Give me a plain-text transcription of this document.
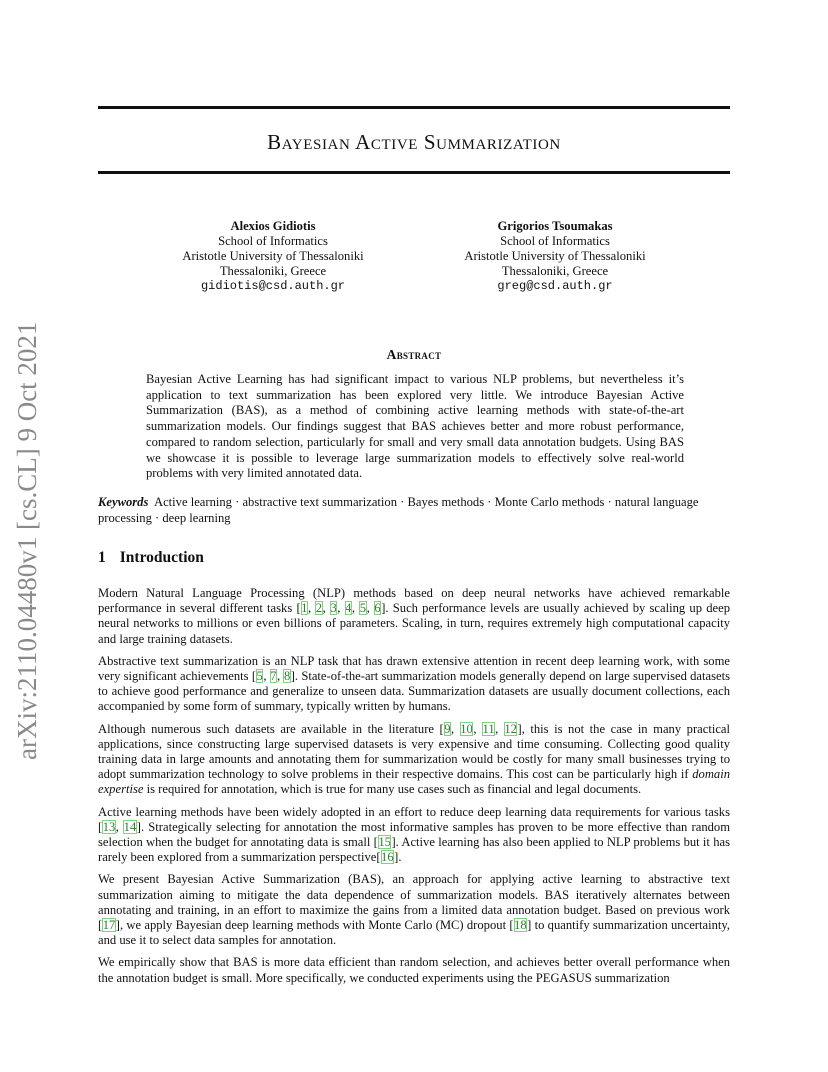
arXiv:2110.04480v1 [cs.CL] 9 Oct 2021
Bayesian Active Summarization
Alexios Gidiotis
School of Informatics
Aristotle University of Thessaloniki
Thessaloniki, Greece
gidiotis@csd.auth.gr
Grigorios Tsoumakas
School of Informatics
Aristotle University of Thessaloniki
Thessaloniki, Greece
greg@csd.auth.gr
Abstract
Bayesian Active Learning has had significant impact to various NLP problems, but nevertheless it’s application to text summarization has been explored very little. We introduce Bayesian Active Summarization (BAS), as a method of combining active learning methods with state-of-the-art summarization models. Our findings suggest that BAS achieves better and more robust performance, compared to random selection, particularly for small and very small data annotation budgets. Using BAS we showcase it is possible to leverage large summarization models to effectively solve real-world problems with very limited annotated data.
Keywords Active learning · abstractive text summarization · Bayes methods · Monte Carlo methods · natural language processing · deep learning
1 Introduction

Modern Natural Language Processing (NLP) methods based on deep neural networks have achieved remarkable performance in several different tasks [1, 2, 3, 4, 5, 6]. Such performance levels are usually achieved by scaling up deep neural networks to millions or even billions of parameters. Scaling, in turn, requires extremely high computational capacity and large training datasets.

Abstractive text summarization is an NLP task that has drawn extensive attention in recent deep learning work, with some very significant achievements [5, 7, 8]. State-of-the-art summarization models generally depend on large supervised datasets to achieve good performance and generalize to unseen data. Summarization datasets are usually document collections, each accompanied by some form of summary, typically written by humans.

Although numerous such datasets are available in the literature [9, 10, 11, 12], this is not the case in many practical applications, since constructing large supervised datasets is very expensive and time consuming. Collecting good quality training data in large amounts and annotating them for summarization would be costly for many small businesses trying to adopt summarization technology to solve problems in their respective domains. This cost can be particularly high if domain expertise is required for annotation, which is true for many use cases such as financial and legal documents.

Active learning methods have been widely adopted in an effort to reduce deep learning data requirements for various tasks [13, 14]. Strategically selecting for annotation the most informative samples has proven to be more effective than random selection when the budget for annotating data is small [15]. Active learning has also been applied to NLP problems but it has rarely been explored from a summarization perspective[16].

We present Bayesian Active Summarization (BAS), an approach for applying active learning to abstractive text summarization aiming to mitigate the data dependence of summarization models. BAS iteratively alternates between annotating and training, in an effort to maximize the gains from a limited data annotation budget. Based on previous work [17], we apply Bayesian deep learning methods with Monte Carlo (MC) dropout [18] to quantify summarization uncertainty, and use it to select data samples for annotation.

We empirically show that BAS is more data efficient than random selection, and achieves better overall performance when the annotation budget is small. More specifically, we conducted experiments using the PEGASUS summarization
